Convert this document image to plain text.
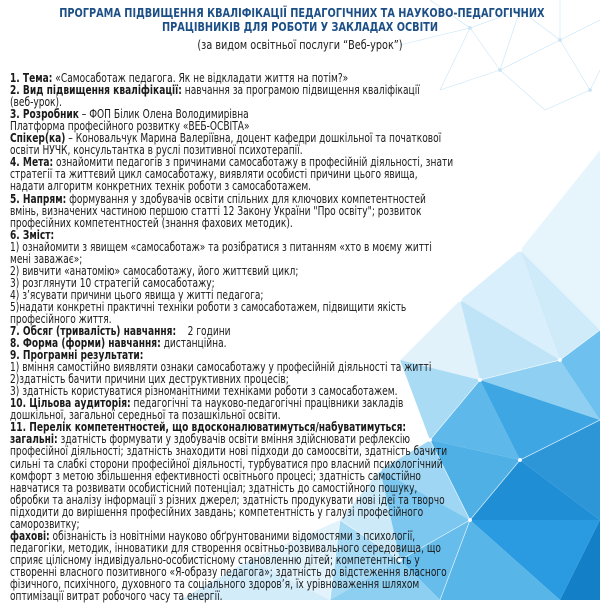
ПРОГРАМА ПІДВИЩЕННЯ КВАЛІФІКАЦІЇ ПЕДАГОГІЧНИХ ТА НАУКОВО-ПЕДАГОГІЧНИХ
ПРАЦІВНИКІВ ДЛЯ РОБОТИ У ЗАКЛАДАХ ОСВІТИ
(за видом освітньої послуги “Веб-урок”)
1. Тема: «Самосаботаж педагога. Як не відкладати життя на потім?»
2. Вид підвищення кваліфікації: навчання за програмою підвищення кваліфікації
(веб-урок).
3. Розробник – ФОП Білик Олена Володимирівна
Платформа професійного розвитку «ВЕБ-ОСВІТА»
Спікер(ка) – Коновальчук Марина Валеріївна, доцент кафедри дошкільної та початкової
освіти НУЧК, консультантка в руслі позитивної психотерапії.
4. Мета: ознайомити педагогів з причинами самосаботажу в професійній діяльності, знати
стратегії та життєвий цикл самосаботажу, виявляти особисті причини цього явища,
надати алгоритм конкретних технік роботи з самосаботажем.
5. Напрям: формування у здобувачів освіти спільних для ключових компетентностей
вмінь, визначених частиною першою статті 12 Закону України "Про освіту"; розвиток
професійних компетентностей (знання фахових методик).
6. Зміст:
1) ознайомити з явищем «самосаботаж» та розібратися з питанням «хто в моєму житті
мені заважає»;
2) вивчити «анатомію» самосаботажу, його життєвий цикл;
3) розглянути 10 стратегій самосаботажу;
4) з’ясувати причини цього явища у житті педагога;
5)надати конкретні практичні техніки роботи з самосаботажем, підвищити якість
професійного життя.
7. Обсяг (тривалість) навчання:    2 години
8. Форма (форми) навчання: дистанційна.
9. Програмні результати:
1) вміння самостійно виявляти ознаки самосаботажу у професійній діяльності та житті
2)здатність бачити причини цих деструктивних процесів;
3) здатність користуватися різноманітними техніками роботи з самосаботажем.
10. Цільова аудиторія: педагогічні та науково-педагогічні працівники закладів
дошкільної, загальної середньої та позашкільної освіти.
11. Перелік компетентностей, що вдосконалюватимуться/набуватимуться:
загальні: здатність формувати у здобувачів освіти вміння здійснювати рефлексію
професійної діяльності; здатність знаходити нові підходи до самоосвіти, здатність бачити
сильні та слабкі сторони професійної діяльності, турбуватися про власний психологічний
комфорт з метою збільшення ефективності освітнього процесі; здатність самостійно
навчатися та розвивати особистісний потенціал; здатність до самостійного пошуку,
обробки та аналізу інформації з різних джерел; здатність продукувати нові ідеї та творчо
підходити до вирішення професійних завдань; компетентність у галузі професійного
саморозвитку;
фахові: обізнаність із новітніми науково обґрунтованими відомостями з психології,
педагогіки, методик, інноватики для створення освітньо-розвивального середовища, що
сприяє цілісному індивідуально-особистісному становленню дітей; компетентність у
створенні власного позитивного «Я-образу педагога»; здатність до відстеження власного
фізичного, психічного, духовного та соціального здоров’я, їх урівноваження шляхом
оптимізації витрат робочого часу та енергії.
